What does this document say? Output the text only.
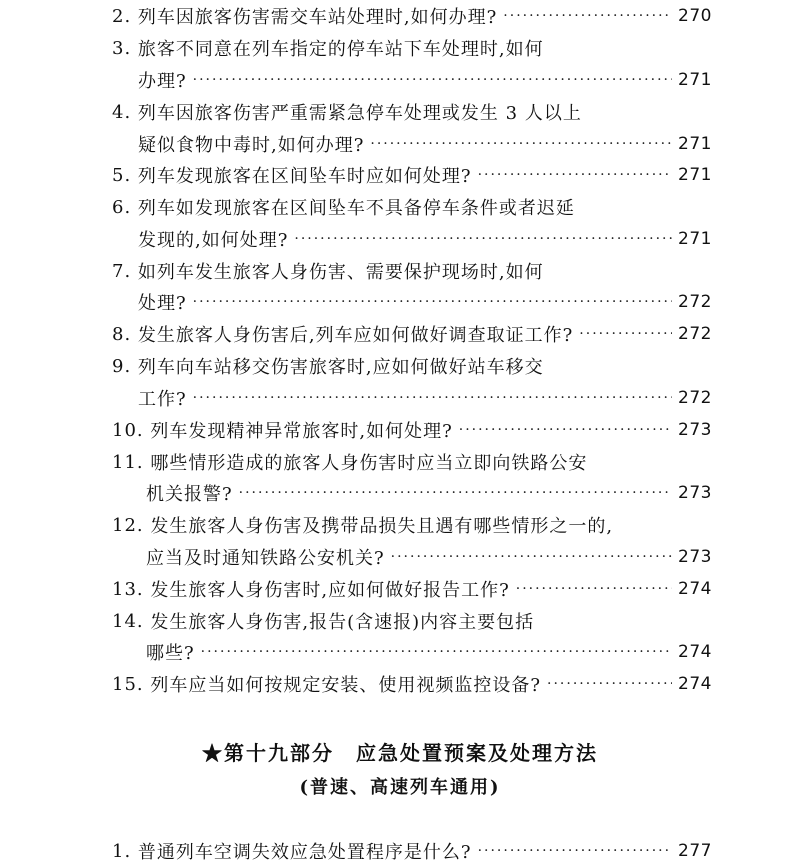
2.
列车因旅客伤害需交车站处理时,如何办理? ·····	270
3.
旅客不同意在列车指定的停车站下车处理时,如何
办理? ·····	271
4.
列车因旅客伤害严重需紧急停车处理或发生 3 人以上
疑似食物中毒时,如何办理? ·····	271
5.
列车发现旅客在区间坠车时应如何处理? ·····	271
6.
列车如发现旅客在区间坠车不具备停车条件或者迟延
发现的,如何处理? ·····	271
7.
如列车发生旅客人身伤害、需要保护现场时,如何
处理? ·····	272
8.
发生旅客人身伤害后,列车应如何做好调查取证工作? ·····	272
9.
列车向车站移交伤害旅客时,应如何做好站车移交
工作? ·····	272
10.
列车发现精神异常旅客时,如何处理? ·····	273
11.
哪些情形造成的旅客人身伤害时应当立即向铁路公安
机关报警? ·····	273
12.
发生旅客人身伤害及携带品损失且遇有哪些情形之一的,
应当及时通知铁路公安机关? ·····	273
13.
发生旅客人身伤害时,应如何做好报告工作? ·····	274
14.
发生旅客人身伤害,报告(含速报)内容主要包括
哪些? ·····	274
15.
列车应当如何按规定安装、使用视频监控设备? ·····	274
★第十九部分　应急处置预案及处理方法
(普速、高速列车通用)
1.
普通列车空调失效应急处置程序是什么? ·····	277
